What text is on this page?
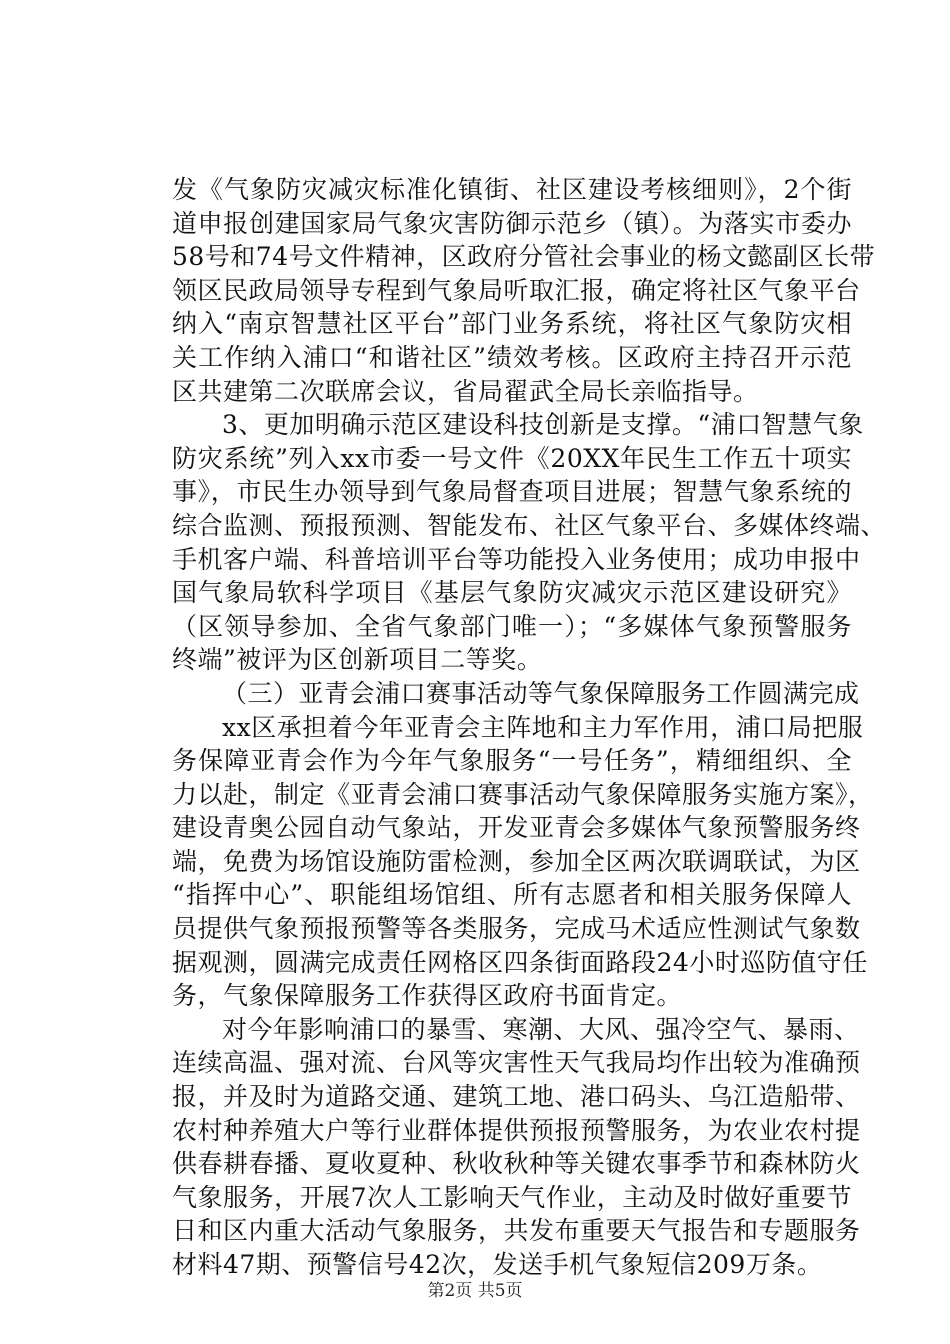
发《气象防灾减灾标准化镇街、社区建设考核细则》，2个街
道申报创建国家局气象灾害防御示范乡（镇）。为落实市委办
58号和74号文件精神，区政府分管社会事业的杨文懿副区长带
领区民政局领导专程到气象局听取汇报，确定将社区气象平台
纳入“南京智慧社区平台”部门业务系统，将社区气象防灾相
关工作纳入浦口“和谐社区”绩效考核。区政府主持召开示范
区共建第二次联席会议，省局翟武全局长亲临指导。
3、更加明确示范区建设科技创新是支撑。“浦口智慧气象
防灾系统”列入xx市委一号文件《20XX年民生工作五十项实
事》，市民生办领导到气象局督查项目进展；智慧气象系统的
综合监测、预报预测、智能发布、社区气象平台、多媒体终端、
手机客户端、科普培训平台等功能投入业务使用；成功申报中
国气象局软科学项目《基层气象防灾减灾示范区建设研究》
（区领导参加、全省气象部门唯一）；“多媒体气象预警服务
终端”被评为区创新项目二等奖。
（三）亚青会浦口赛事活动等气象保障服务工作圆满完成
xx区承担着今年亚青会主阵地和主力军作用，浦口局把服
务保障亚青会作为今年气象服务“一号任务”，精细组织、全
力以赴，制定《亚青会浦口赛事活动气象保障服务实施方案》，
建设青奥公园自动气象站，开发亚青会多媒体气象预警服务终
端，免费为场馆设施防雷检测，参加全区两次联调联试，为区
“指挥中心”、职能组场馆组、所有志愿者和相关服务保障人
员提供气象预报预警等各类服务，完成马术适应性测试气象数
据观测，圆满完成责任网格区四条街面路段24小时巡防值守任
务，气象保障服务工作获得区政府书面肯定。
对今年影响浦口的暴雪、寒潮、大风、强冷空气、暴雨、
连续高温、强对流、台风等灾害性天气我局均作出较为准确预
报，并及时为道路交通、建筑工地、港口码头、乌江造船带、
农村种养殖大户等行业群体提供预报预警服务，为农业农村提
供春耕春播、夏收夏种、秋收秋种等关键农事季节和森林防火
气象服务，开展7次人工影响天气作业，主动及时做好重要节
日和区内重大活动气象服务，共发布重要天气报告和专题服务
材料47期、预警信号42次，发送手机气象短信209万条。
第2页 共5页
